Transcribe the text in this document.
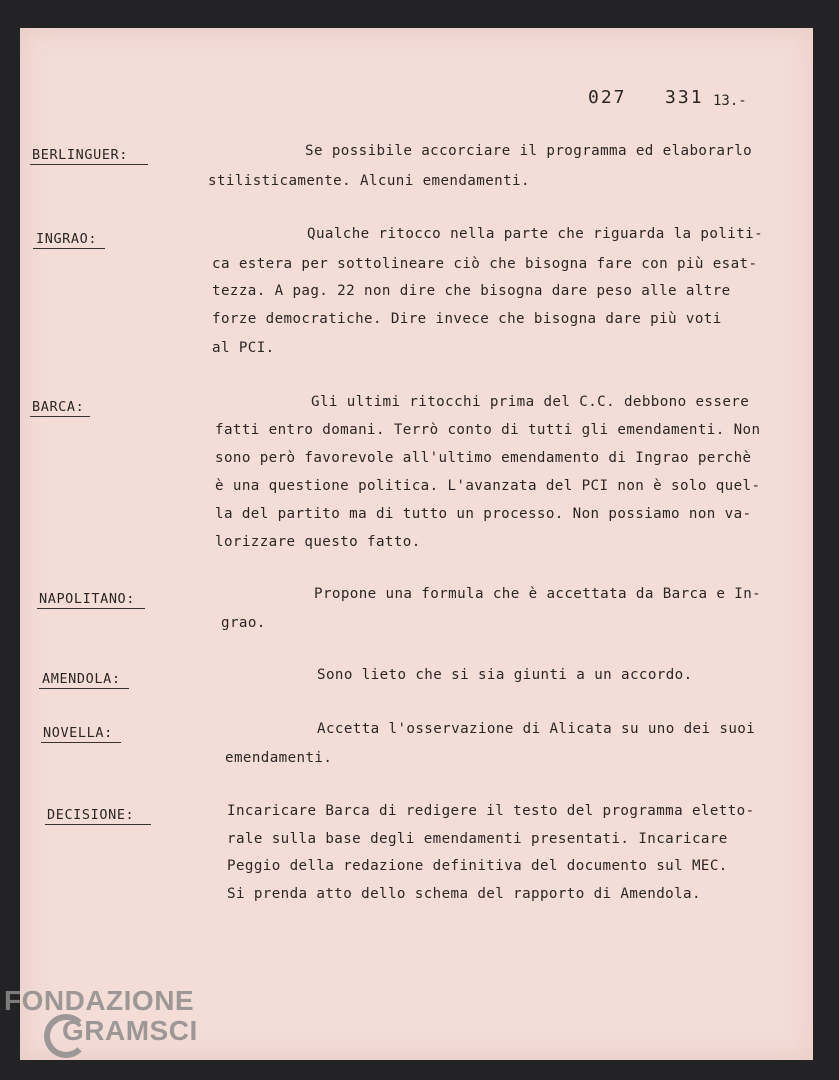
027   331 13.-
BERLINGUER:	Se possibile accorciare il programma ed elaborarlo
stilisticamente. Alcuni emendamenti.
INGRAO:	Qualche ritocco nella parte che riguarda la politi-
ca estera per sottolineare ciò che bisogna fare con più esat-
tezza. A pag. 22 non dire che bisogna dare peso alle altre
forze democratiche. Dire invece che bisogna dare più voti
al PCI.
BARCA:	Gli ultimi ritocchi prima del C.C. debbono essere
fatti entro domani. Terrò conto di tutti gli emendamenti. Non
sono però favorevole all'ultimo emendamento di Ingrao perchè
è una questione politica. L'avanzata del PCI non è solo quel-
la del partito ma di tutto un processo. Non possiamo non va-
lorizzare questo fatto.
NAPOLITANO:	Propone una formula che è accettata da Barca e In-
grao.
AMENDOLA:	Sono lieto che si sia giunti a un accordo.
NOVELLA:	Accetta l'osservazione di Alicata su uno dei suoi
emendamenti.
DECISIONE:	Incaricare Barca di redigere il testo del programma eletto-
rale sulla base degli emendamenti presentati. Incaricare
Peggio della redazione definitiva del documento sul MEC.
Si prenda atto dello schema del rapporto di Amendola.
FONDAZIONE
GRAMSCI
